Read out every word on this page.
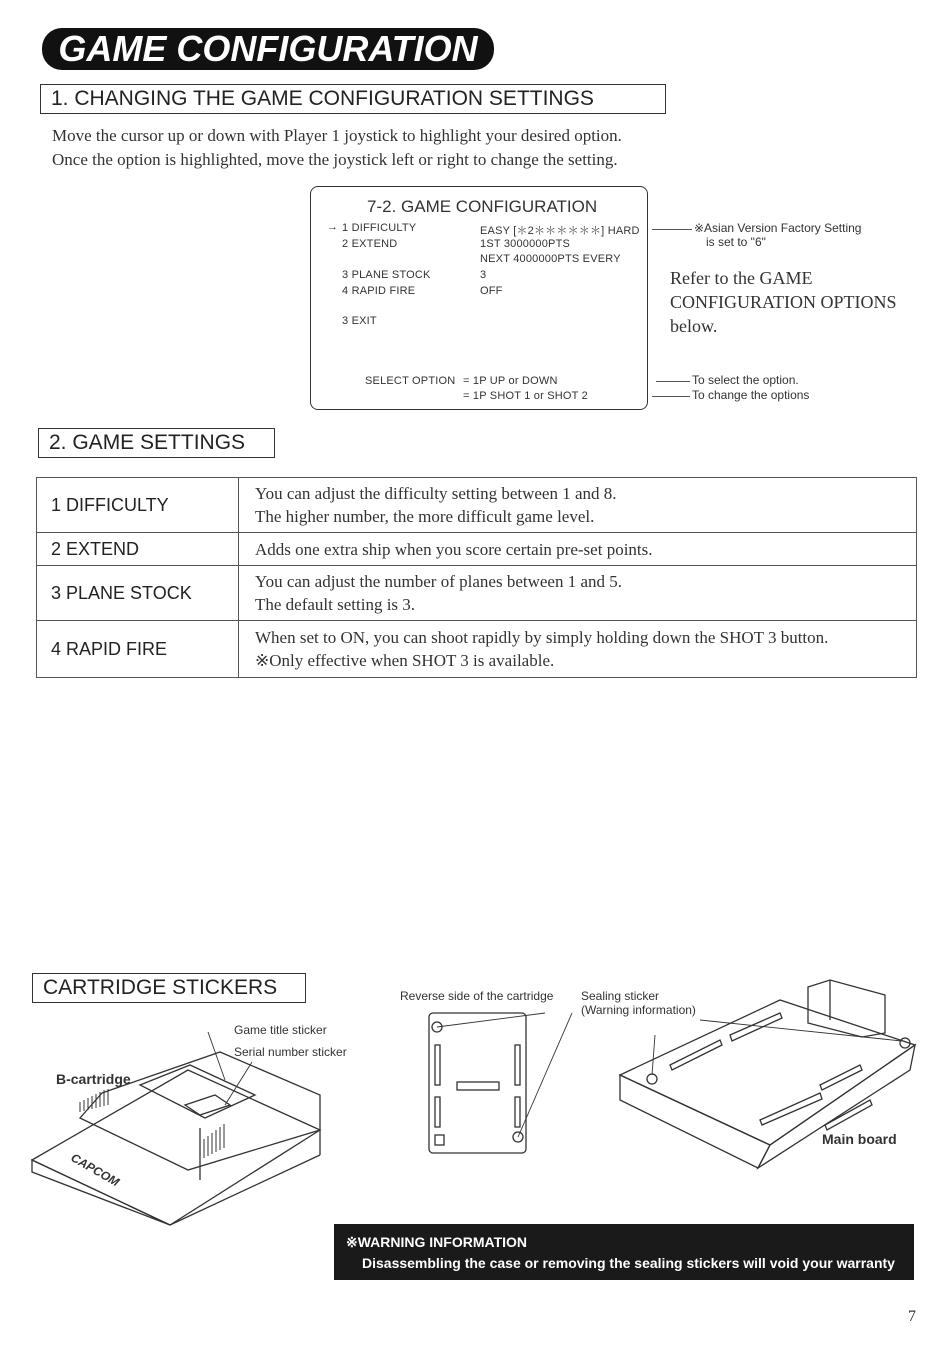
GAME CONFIGURATION
1. CHANGING THE GAME CONFIGURATION SETTINGS

Move the cursor up or down with Player 1 joystick to highlight your desired option.

Once the option is highlighted, move the joystick left or right to change the setting.

7-2. GAME CONFIGURATION
→ 1 DIFFICULTY	EASY [＊2＊＊＊＊＊＊] HARD
2 EXTEND	1ST 3000000PTS
NEXT 4000000PTS EVERY
3 PLANE STOCK	3
4 RAPID FIRE	OFF
3 EXIT
SELECT OPTION = 1P UP or DOWN
= 1P SHOT 1 or SHOT 2
※Asian Version Factory Setting
is set to "6"
Refer to the GAME
CONFIGURATION OPTIONS
below.
To select the option.
To change the options
2. GAME SETTINGS
1 DIFFICULTY	You can adjust the difficulty setting between 1 and 8.
The higher number, the more difficult game level.

2 EXTEND	Adds one extra ship when you score certain pre-set points.

3 PLANE STOCK	You can adjust the number of planes between 1 and 5.
The default setting is 3.

4 RAPID FIRE	When set to ON, you can shoot rapidly by simply holding down the SHOT 3 button.
※Only effective when SHOT 3 is available.
CARTRIDGE STICKERS
CAPCOM
Game title sticker
Serial number sticker
B-cartridge
Reverse side of the cartridge Sealing sticker
(Warning information)
Main board
※WARNING INFORMATION
Disassembling the case or removing the sealing stickers will void your warranty
7
